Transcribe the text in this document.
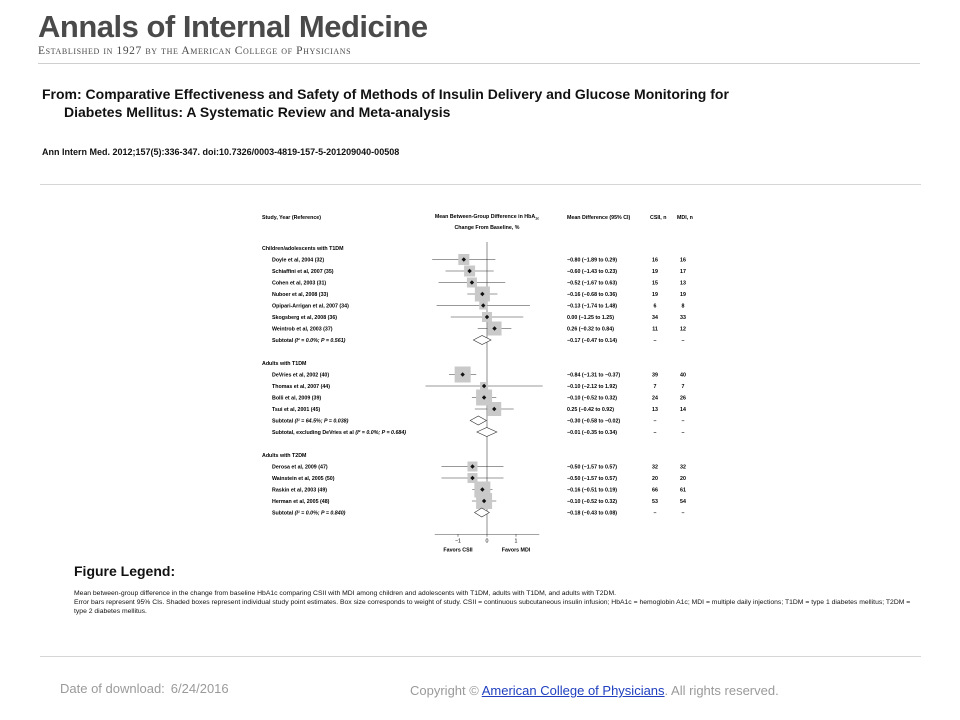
Annals of Internal Medicine
Established in 1927 by the American College of Physicians
From: Comparative Effectiveness and Safety of Methods of Insulin Delivery and Glucose Monitoring for
Diabetes Mellitus: A Systematic Review and Meta-analysis
Ann Intern Med. 2012;157(5):336-347. doi:10.7326/0003-4819-157-5-201209040-00508
Study, Year (Reference)	Mean Between-Group Difference in HbA$_{1c}$
Change From Baseline, %
Mean Difference (95% CI)	CSII, n MDI, n
Children/adolescents with T1DM
Doyle et al, 2004 (32)	−0.80 (−1.89 to 0.29)	16	16
Schiaffini et al, 2007 (35)	−0.60 (−1.43 to 0.23)	19	17
Cohen et al, 2003 (31)	−0.52 (−1.67 to 0.63)	15	13
Nuboer et al, 2008 (33)	−0.16 (−0.68 to 0.36)	19	19
Opipari-Arrigan et al, 2007 (34)	−0.13 (−1.74 to 1.48)	6	8
Skogsberg et al, 2008 (36)	0.00 (−1.25 to 1.25)	34	33
Weintrob et al, 2003 (37)	0.26 (−0.32 to 0.84)	11	12
Subtotal (I² = 0.0%; P = 0.561)	−0.17 (−0.47 to 0.14)	–	–
Adults with T1DM
DeVries et al, 2002 (40)	−0.84 (−1.31 to −0.37)	39	40
Thomas et al, 2007 (44)	−0.10 (−2.12 to 1.92)	7	7
Bolli et al, 2009 (39)	−0.10 (−0.52 to 0.32)	24	26
Tsui et al, 2001 (45)	0.25 (−0.42 to 0.92)	13	14
Subtotal (I² = 64.5%; P = 0.038)	−0.30 (−0.58 to −0.02)	–	–
Subtotal, excluding DeVries et al (I² = 0.0%; P = 0.684)	−0.01 (−0.35 to 0.34)	–	–
Adults with T2DM
Derosa et al, 2009 (47)	−0.50 (−1.57 to 0.57)	32	32
Wainstein et al, 2005 (50)	−0.50 (−1.57 to 0.57)	20	20
Raskin et al, 2003 (49)	−0.16 (−0.51 to 0.19)	66	61
Herman et al, 2005 (48)	−0.10 (−0.52 to 0.32)	53	54
Subtotal (I² = 0.0%; P = 0.840)	−0.18 (−0.43 to 0.08)	–	–
−1	0	1
Favors CSII	Favors MDI
Figure Legend:

Mean between-group difference in the change from baseline HbA1c comparing CSII with MDI among children and adolescents with T1DM, adults with T1DM, and adults with T2DM.

Error bars represent 95% CIs. Shaded boxes represent individual study point estimates. Box size corresponds to weight of study. CSII = continuous subcutaneous insulin infusion; HbA1c = hemoglobin A1c; MDI = multiple daily injections; T1DM = type 1 diabetes mellitus; T2DM = type 2 diabetes mellitus.

Date of download: 6/24/2016	Copyright © American College of Physicians. All rights reserved.
